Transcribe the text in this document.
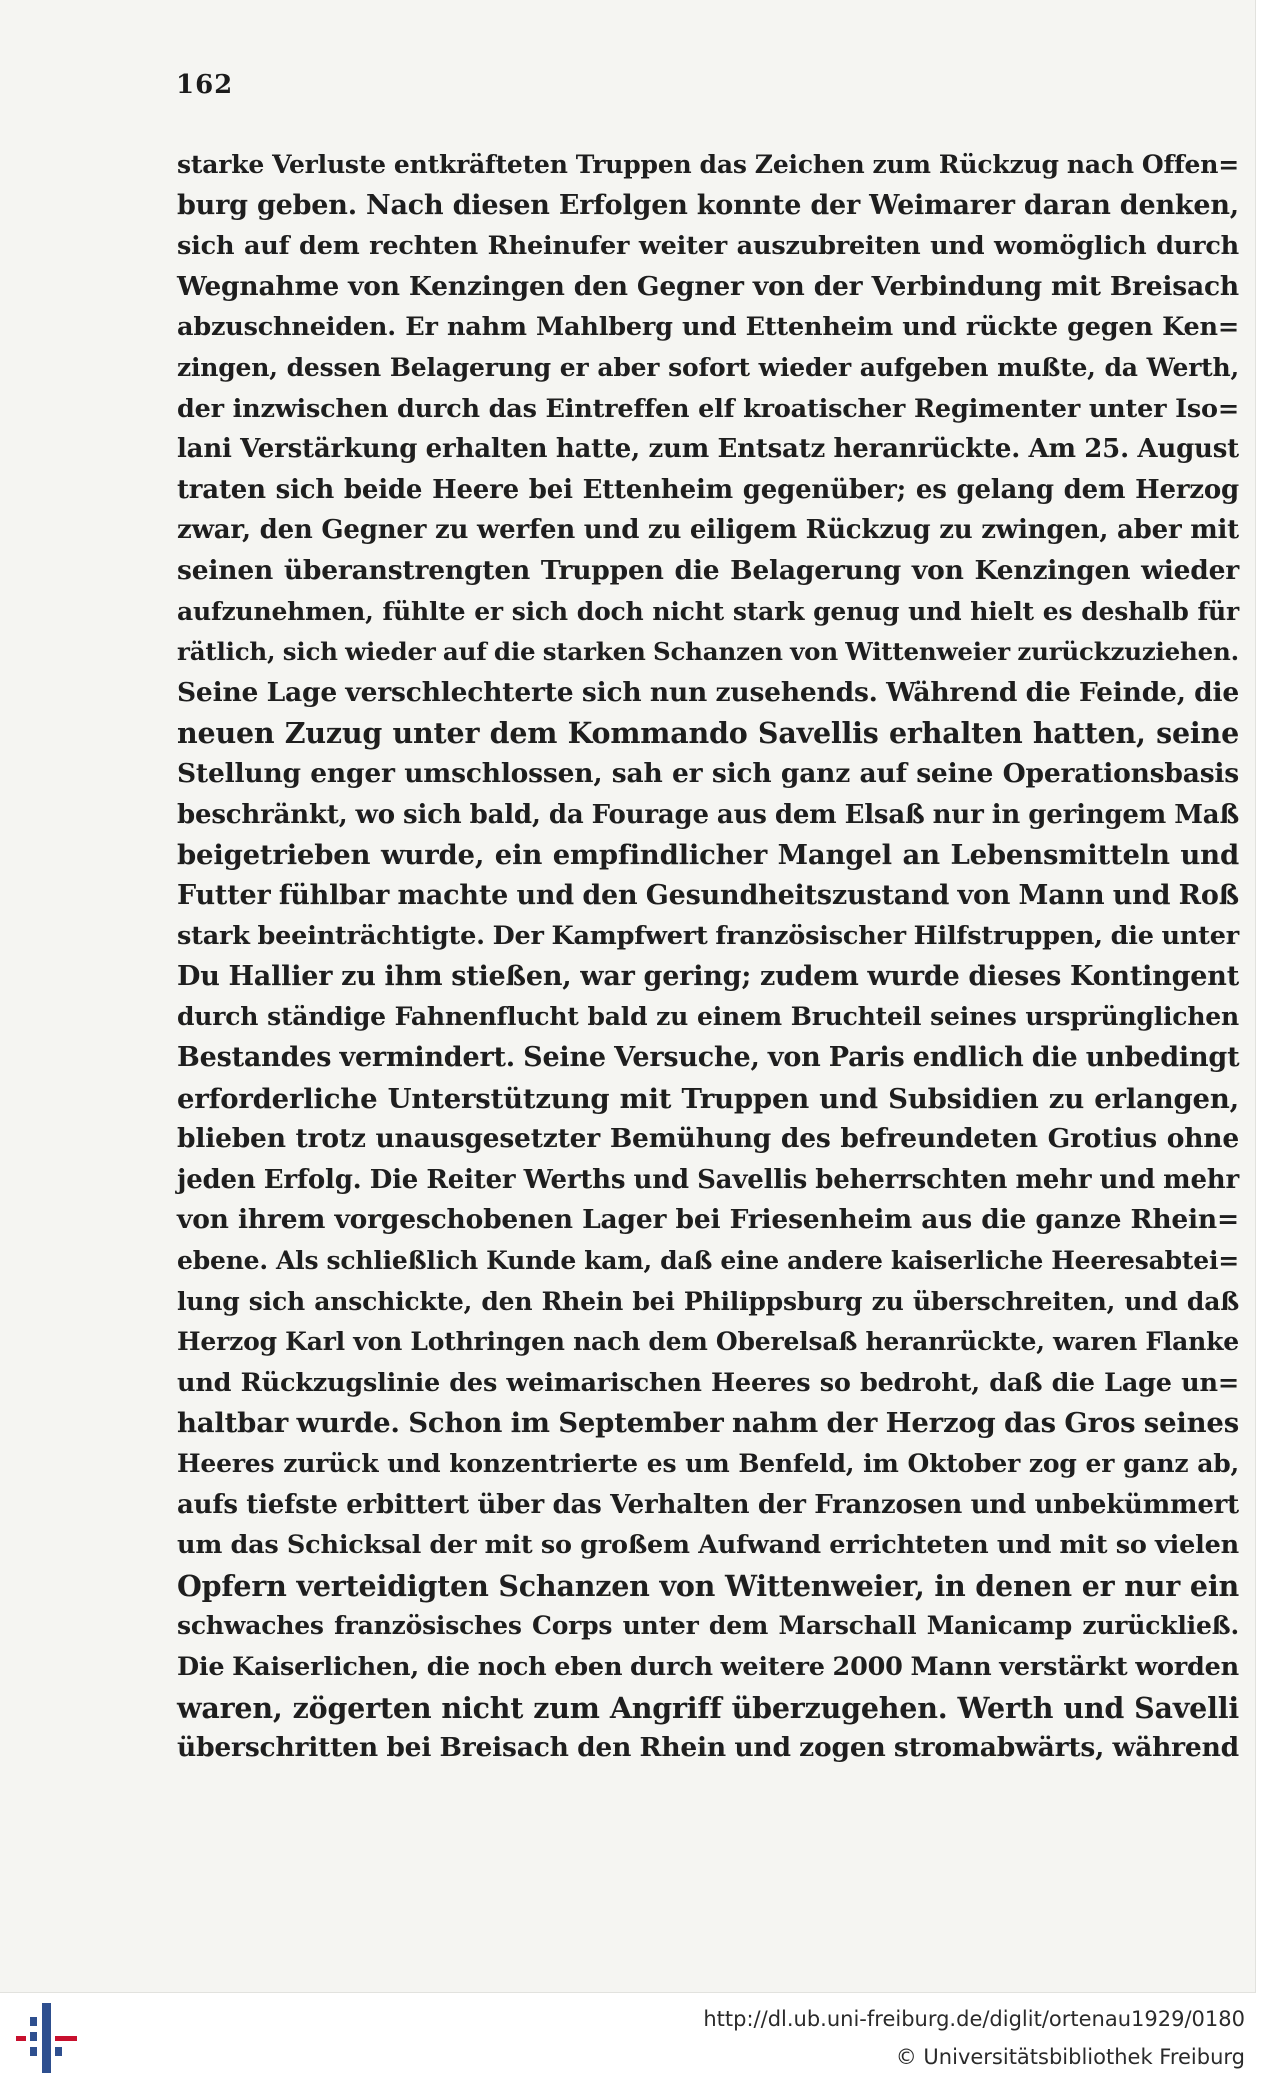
162
starke Verluste entkräfteten Truppen das Zeichen zum Rückzug nach Offen=
burg geben. Nach diesen Erfolgen konnte der Weimarer daran denken,
sich auf dem rechten Rheinufer weiter auszubreiten und womöglich durch
Wegnahme von Kenzingen den Gegner von der Verbindung mit Breisach
abzuschneiden. Er nahm Mahlberg und Ettenheim und rückte gegen Ken=
zingen, dessen Belagerung er aber sofort wieder aufgeben mußte, da Werth,
der inzwischen durch das Eintreffen elf kroatischer Regimenter unter Iso=
lani Verstärkung erhalten hatte, zum Entsatz heranrückte. Am 25. August
traten sich beide Heere bei Ettenheim gegenüber; es gelang dem Herzog
zwar, den Gegner zu werfen und zu eiligem Rückzug zu zwingen, aber mit
seinen überanstrengten Truppen die Belagerung von Kenzingen wieder
aufzunehmen, fühlte er sich doch nicht stark genug und hielt es deshalb für
rätlich, sich wieder auf die starken Schanzen von Wittenweier zurückzuziehen.
Seine Lage verschlechterte sich nun zusehends. Während die Feinde, die
neuen Zuzug unter dem Kommando Savellis erhalten hatten, seine
Stellung enger umschlossen, sah er sich ganz auf seine Operationsbasis
beschränkt, wo sich bald, da Fourage aus dem Elsaß nur in geringem Maß
beigetrieben wurde, ein empfindlicher Mangel an Lebensmitteln und
Futter fühlbar machte und den Gesundheitszustand von Mann und Roß
stark beeinträchtigte. Der Kampfwert französischer Hilfstruppen, die unter
Du Hallier zu ihm stießen, war gering; zudem wurde dieses Kontingent
durch ständige Fahnenflucht bald zu einem Bruchteil seines ursprünglichen
Bestandes vermindert. Seine Versuche, von Paris endlich die unbedingt
erforderliche Unterstützung mit Truppen und Subsidien zu erlangen,
blieben trotz unausgesetzter Bemühung des befreundeten Grotius ohne
jeden Erfolg. Die Reiter Werths und Savellis beherrschten mehr und mehr
von ihrem vorgeschobenen Lager bei Friesenheim aus die ganze Rhein=
ebene. Als schließlich Kunde kam, daß eine andere kaiserliche Heeresabtei=
lung sich anschickte, den Rhein bei Philippsburg zu überschreiten, und daß
Herzog Karl von Lothringen nach dem Oberelsaß heranrückte, waren Flanke
und Rückzugslinie des weimarischen Heeres so bedroht, daß die Lage un=
haltbar wurde. Schon im September nahm der Herzog das Gros seines
Heeres zurück und konzentrierte es um Benfeld, im Oktober zog er ganz ab,
aufs tiefste erbittert über das Verhalten der Franzosen und unbekümmert
um das Schicksal der mit so großem Aufwand errichteten und mit so vielen
Opfern verteidigten Schanzen von Wittenweier, in denen er nur ein
schwaches französisches Corps unter dem Marschall Manicamp zurückließ.
Die Kaiserlichen, die noch eben durch weitere 2000 Mann verstärkt worden
waren, zögerten nicht zum Angriff überzugehen. Werth und Savelli
überschritten bei Breisach den Rhein und zogen stromabwärts, während
http://dl.ub.uni-freiburg.de/diglit/ortenau1929/0180
© Universitätsbibliothek Freiburg
